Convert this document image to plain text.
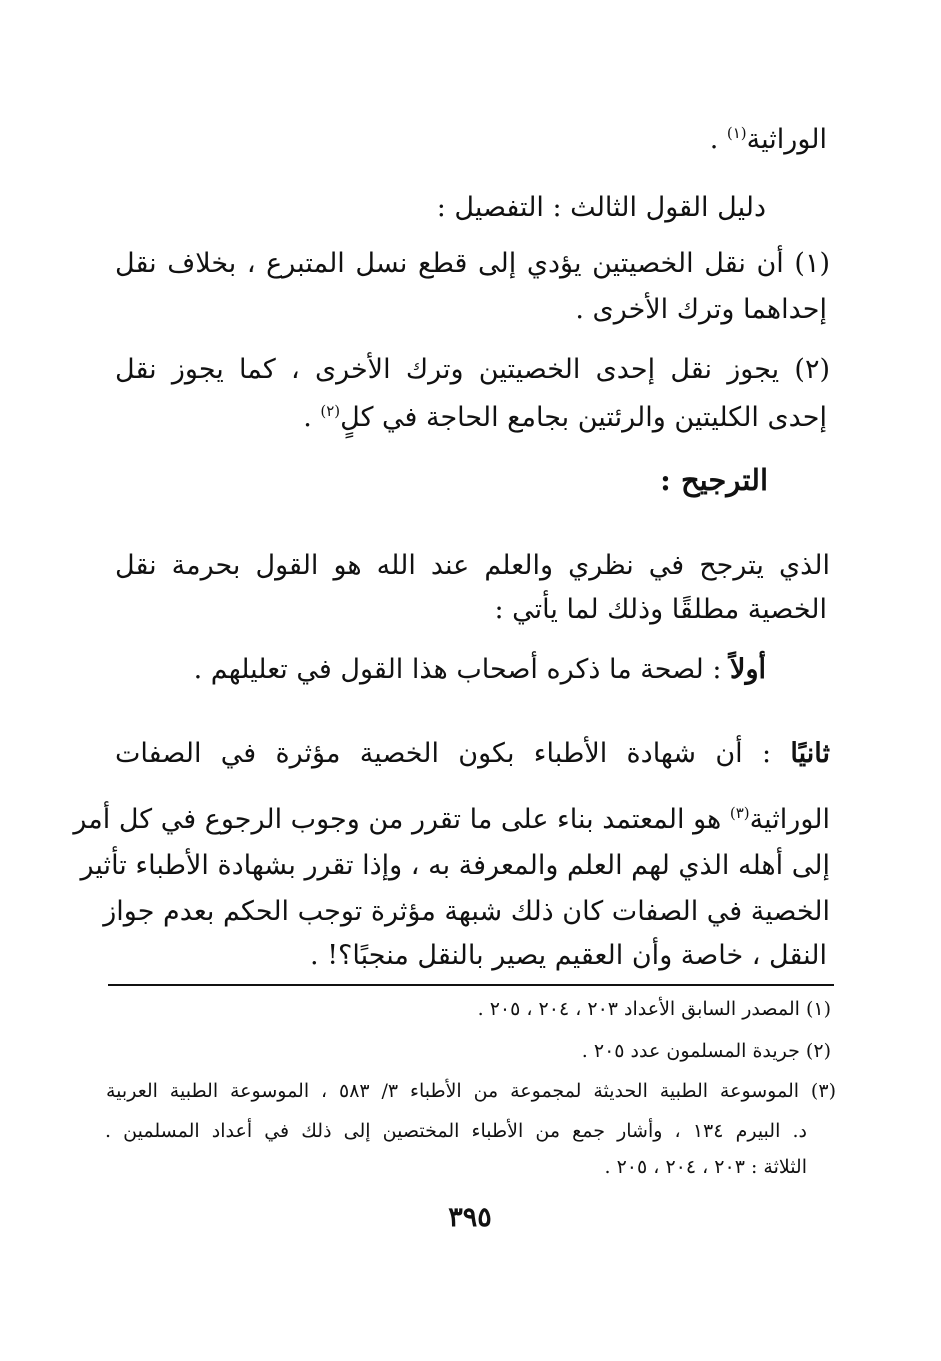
الوراثية$^{(١)}$ .
دليل القول الثالث : التفصيل :
(١) أن نقل الخصيتين يؤدي إلى قطع نسل المتبرع ، بخلاف نقل
إحداهما وترك الأخرى .
(٢) يجوز نقل إحدى الخصيتين وترك الأخرى ، كما يجوز نقل
إحدى الكليتين والرئتين بجامع الحاجة في كلٍ$^{(٢)}$ .
الترجيح :
الذي يترجح في نظري والعلم عند الله هو القول بحرمة نقل
الخصية مطلقًا وذلك لما يأتي :
أولاً : لصحة ما ذكره أصحاب هذا القول في تعليلهم .
ثانيًا : أن شهادة الأطباء بكون الخصية مؤثرة في الصفات
الوراثية$^{(٣)}$ هو المعتمد بناء على ما تقرر من وجوب الرجوع في كل أمر
إلى أهله الذي لهم العلم والمعرفة به ، وإذا تقرر بشهادة الأطباء تأثير
الخصية في الصفات كان ذلك شبهة مؤثرة توجب الحكم بعدم جواز
النقل ، خاصة وأن العقيم يصير بالنقل منجبًا؟! .
(١) المصدر السابق الأعداد ٢٠٣ ، ٢٠٤ ، ٢٠٥ .
(٢) جريدة المسلمون عدد ٢٠٥ .
(٣) الموسوعة الطبية الحديثة لمجموعة من الأطباء ٣/ ٥٨٣ ، الموسوعة الطبية العربية
د. البيرم ١٣٤ ، وأشار جمع من الأطباء المختصين إلى ذلك في أعداد المسلمين .
الثلاثة : ٢٠٣ ، ٢٠٤ ، ٢٠٥ .
٣٩٥
